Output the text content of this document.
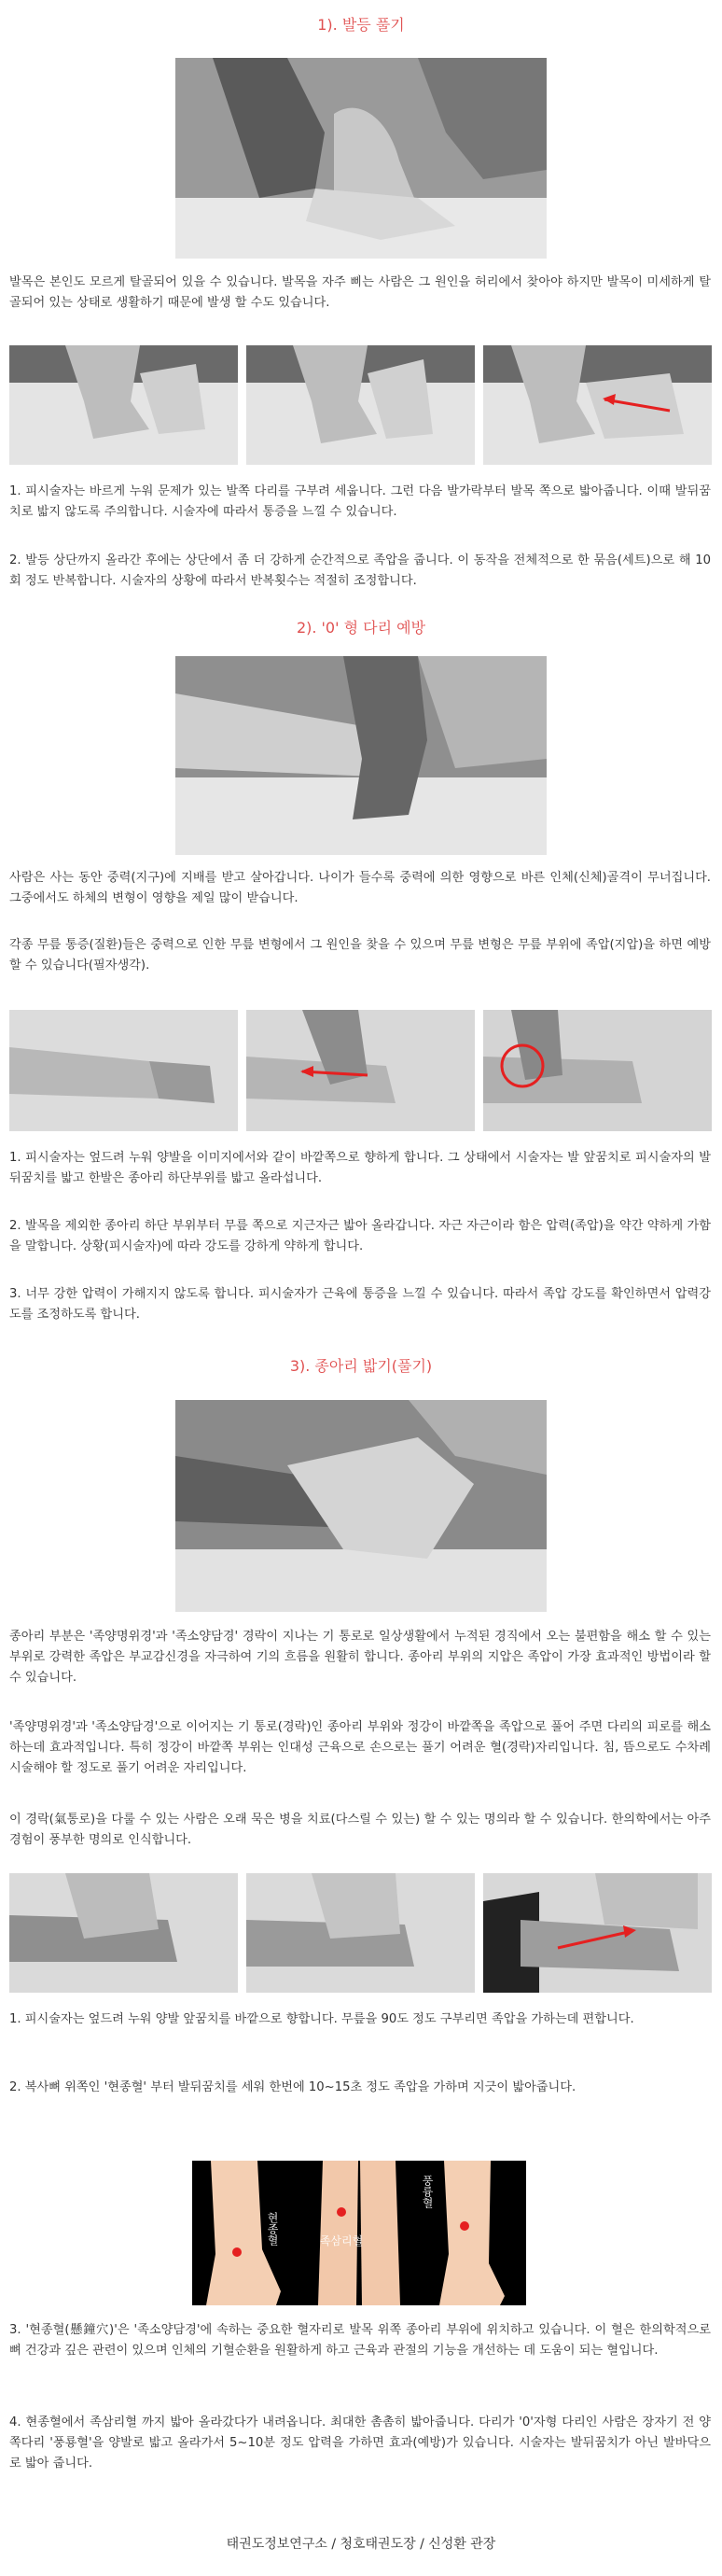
1). 발등 풀기

발목은 본인도 모르게 탈골되어 있을 수 있습니다. 발목을 자주 삐는 사람은 그 원인을 허리에서 찾아야 하지만 발목이 미세하게 탈골되어 있는 상태로 생활하기 때문에 발생 할 수도 있습니다.

1. 피시술자는 바르게 누워 문제가 있는 발쪽 다리를 구부려 세웁니다. 그런 다음 발가락부터 발목 쪽으로 밟아줍니다. 이때 발뒤꿈치로 밟지 않도록 주의합니다. 시술자에 따라서 통증을 느낄 수 있습니다.

2. 발등 상단까지 올라간 후에는 상단에서 좀 더 강하게 순간적으로 족압을 줍니다. 이 동작을 전체적으로 한 묶음(세트)으로 해 10회 정도 반복합니다. 시술자의 상황에 따라서 반복횟수는 적절히 조정합니다.

2). '0' 형 다리 예방

사람은 사는 동안 중력(지구)에 지배를 받고 살아갑니다. 나이가 들수록 중력에 의한 영향으로 바른 인체(신체)골격이 무너집니다. 그중에서도 하체의 변형이 영향을 제일 많이 받습니다.

각종 무릎 통증(질환)들은 중력으로 인한 무릎 변형에서 그 원인을 찾을 수 있으며 무릎 변형은 무릎 부위에 족압(지압)을 하면 예방 할 수 있습니다(필자생각).

1. 피시술자는 엎드려 누워 양발을 이미지에서와 같이 바깥쪽으로 향하게 합니다. 그 상태에서 시술자는 발 앞꿈치로 피시술자의 발뒤꿈치를 밟고 한발은 종아리 하단부위를 밟고 올라섭니다.

2. 발목을 제외한 종아리 하단 부위부터 무릎 쪽으로 지근자근 밟아 올라갑니다. 자근 자근이라 함은 압력(족압)을 약간 약하게 가함을 말합니다. 상황(피시술자)에 따라 강도를 강하게 약하게 합니다.

3. 너무 강한 압력이 가해지지 않도록 합니다. 피시술자가 근육에 통증을 느낄 수 있습니다. 따라서 족압 강도를 확인하면서 압력강도를 조정하도록 합니다.

3). 종아리 밟기(풀기)

종아리 부분은 '족양명위경'과 '족소양담경' 경락이 지나는 기 통로로 일상생활에서 누적된 경직에서 오는 불편함을 해소 할 수 있는 부위로 강력한 족압은 부교감신경을 자극하여 기의 흐름을 원활히 합니다. 종아리 부위의 지압은 족압이 가장 효과적인 방법이라 할 수 있습니다.

'족양명위경'과 '족소양담경'으로 이어지는 기 통로(경락)인 종아리 부위와 정강이 바깥쪽을 족압으로 풀어 주면 다리의 피로를 해소하는데 효과적입니다. 특히 정강이 바깥쪽 부위는 인대성 근육으로 손으로는 풀기 어려운 혈(경락)자리입니다. 침, 뜸으로도 수차례 시술해야 할 정도로 풀기 어려운 자리입니다.

이 경락(氣통로)을 다룰 수 있는 사람은 오래 묵은 병을 치료(다스릴 수 있는) 할 수 있는 명의라 할 수 있습니다. 한의학에서는 아주 경험이 풍부한 명의로 인식합니다.

1. 피시술자는 엎드려 누워 양발 앞꿈치를 바깥으로 향합니다. 무릎을 90도 정도 구부리면 족압을 가하는데 편합니다.

2. 복사뼈 위쪽인 '현종혈' 부터 발뒤꿈치를 세워 한번에 10~15초 정도 족압을 가하며 지긋이 밟아줍니다.

현종혈	족삼리혈
풍륭혈

3. '현종혈(懸鐘穴)'은 '족소양담경'에 속하는 중요한 혈자리로 발목 위쪽 종아리 부위에 위치하고 있습니다. 이 혈은 한의학적으로 뼈 건강과 깊은 관련이 있으며 인체의 기혈순환을 원활하게 하고 근육과 관절의 기능을 개선하는 데 도움이 되는 혈입니다.

4. 현종혈에서 족삼리혈 까지 밟아 올라갔다가 내려옵니다. 최대한 촘촘히 밟아줍니다. 다리가 '0'자형 다리인 사람은 장자기 전 양쪽다리 '풍룡혈'을 양발로 밟고 올라가서 5~10분 정도 압력을 가하면 효과(예방)가 있습니다. 시술자는 발뒤꿈치가 아닌 발바닥으로 밟아 줍니다.

태권도정보연구소 / 청호태권도장 / 신성환 관장
